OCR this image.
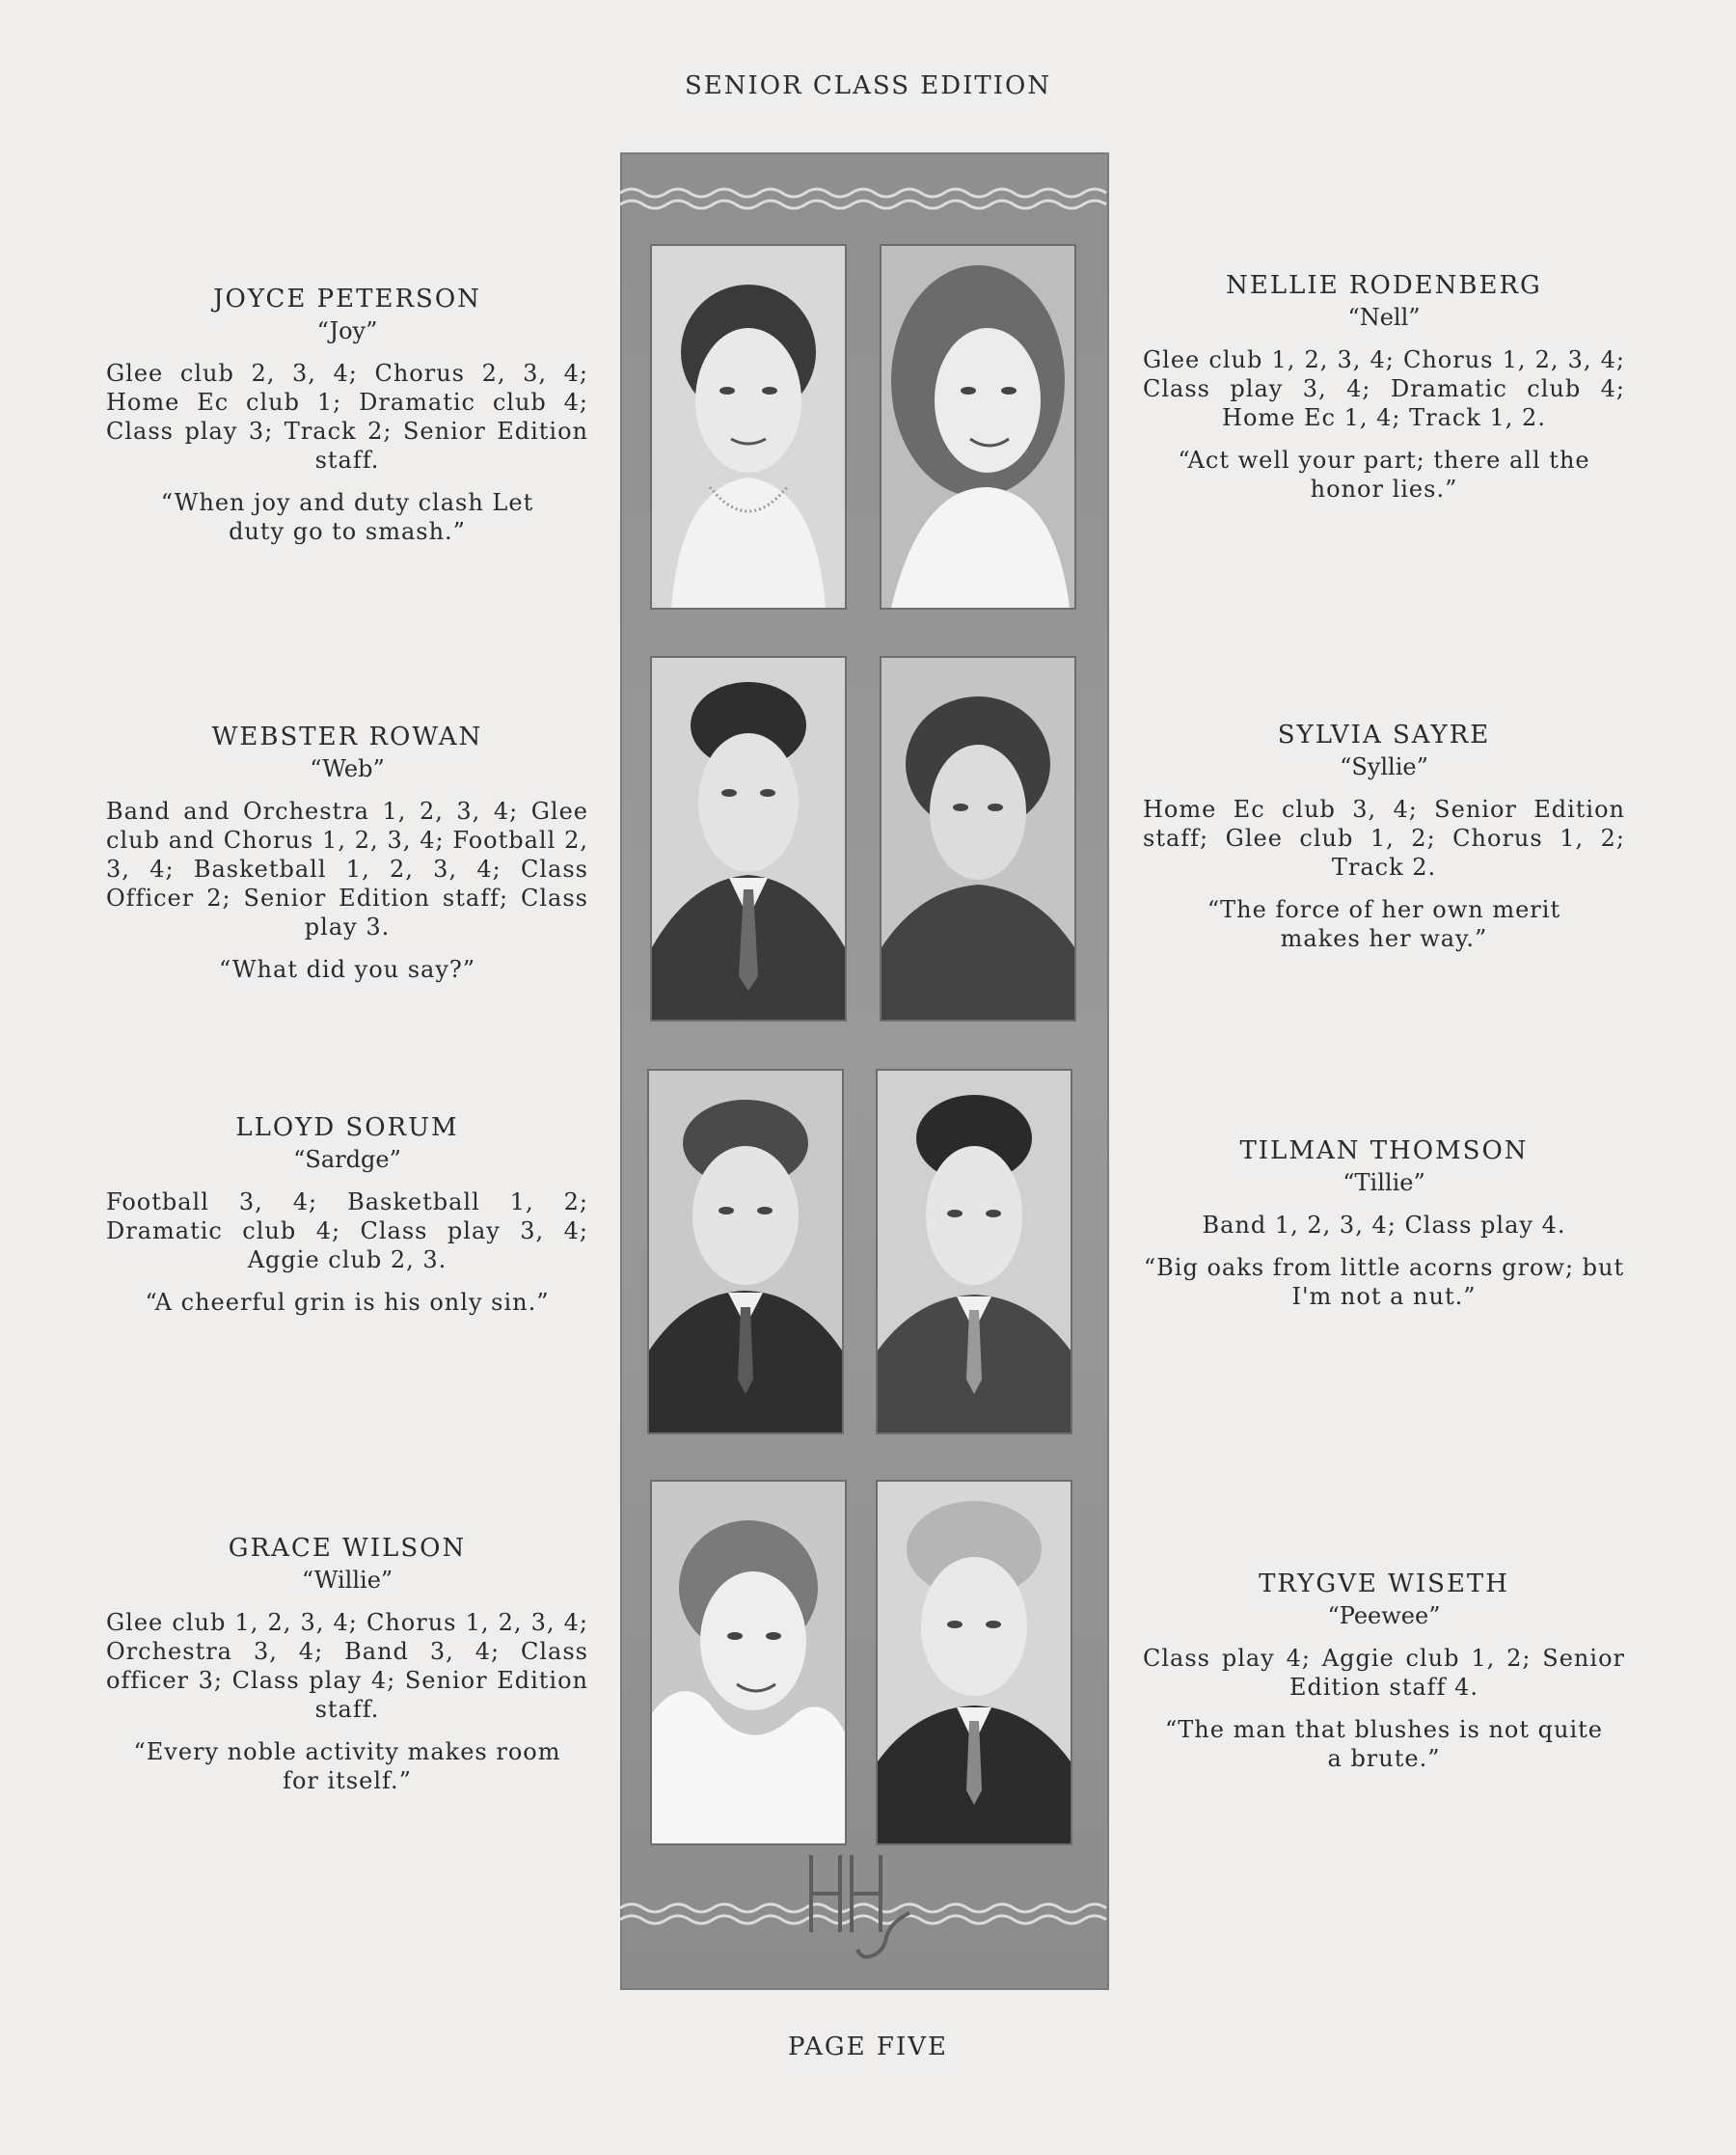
SENIOR CLASS EDITION

JOYCE PETERSON

“Joy”

Glee club 2, 3, 4; Chorus 2, 3, 4; Home Ec club 1; Dramatic club 4; Class play 3; Track 2; Senior Edition staff.

“When joy and duty clash Let duty go to smash.”

WEBSTER ROWAN

“Web”

Band and Orchestra 1, 2, 3, 4; Glee club and Chorus 1, 2, 3, 4; Football 2, 3, 4; Basketball 1, 2, 3, 4; Class Officer 2; Senior Edition staff; Class play 3.

“What did you say?”

LLOYD SORUM

“Sardge”

Football 3, 4; Basketball 1, 2; Dramatic club 4; Class play 3, 4; Aggie club 2, 3.

“A cheerful grin is his only sin.”

GRACE WILSON

“Willie”

Glee club 1, 2, 3, 4; Chorus 1, 2, 3, 4; Orchestra 3, 4; Band 3, 4; Class officer 3; Class play 4; Senior Edition staff.

“Every noble activity makes room for itself.”

NELLIE RODENBERG

“Nell”

Glee club 1, 2, 3, 4; Chorus 1, 2, 3, 4; Class play 3, 4; Dramatic club 4; Home Ec 1, 4; Track 1, 2.

“Act well your part; there all the honor lies.”

SYLVIA SAYRE

“Syllie”

Home Ec club 3, 4; Senior Edition staff; Glee club 1, 2; Chorus 1, 2; Track 2.

“The force of her own merit makes her way.”

TILMAN THOMSON

“Tillie”

Band 1, 2, 3, 4; Class play 4.

“Big oaks from little acorns grow; but I'm not a nut.”

TRYGVE WISETH

“Peewee”

Class play 4; Aggie club 1, 2; Senior Edition staff 4.

“The man that blushes is not quite a brute.”

PAGE FIVE
